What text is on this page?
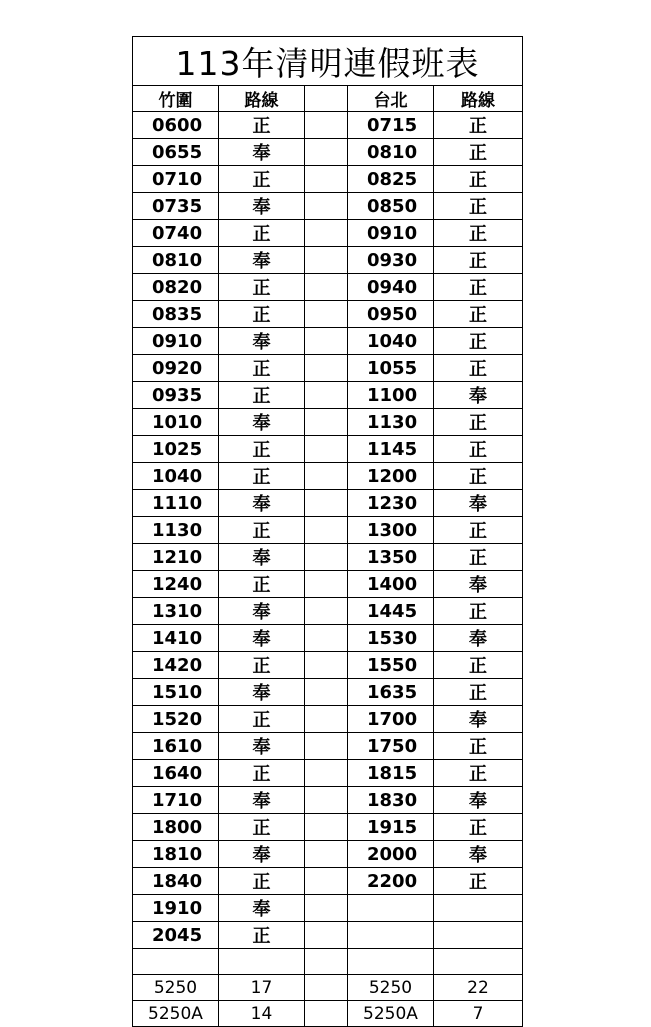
113年清明連假班表				
竹圍	路線		台北	路線
0600	正		0715	正
0655	奉		0810	正
0710	正		0825	正
0735	奉		0850	正
0740	正		0910	正
0810	奉		0930	正
0820	正		0940	正
0835	正		0950	正
0910	奉		1040	正
0920	正		1055	正
0935	正		1100	奉
1010	奉		1130	正
1025	正		1145	正
1040	正		1200	正
1110	奉		1230	奉
1130	正		1300	正
1210	奉		1350	正
1240	正		1400	奉
1310	奉		1445	正
1410	奉		1530	奉
1420	正		1550	正
1510	奉		1635	正
1520	正		1700	奉
1610	奉		1750	正
1640	正		1815	正
1710	奉		1830	奉
1800	正		1915	正
1810	奉		2000	奉
1840	正		2200	正
1910	奉			
2045	正			

5250	17		5250	22
5250A	14		5250A	7
